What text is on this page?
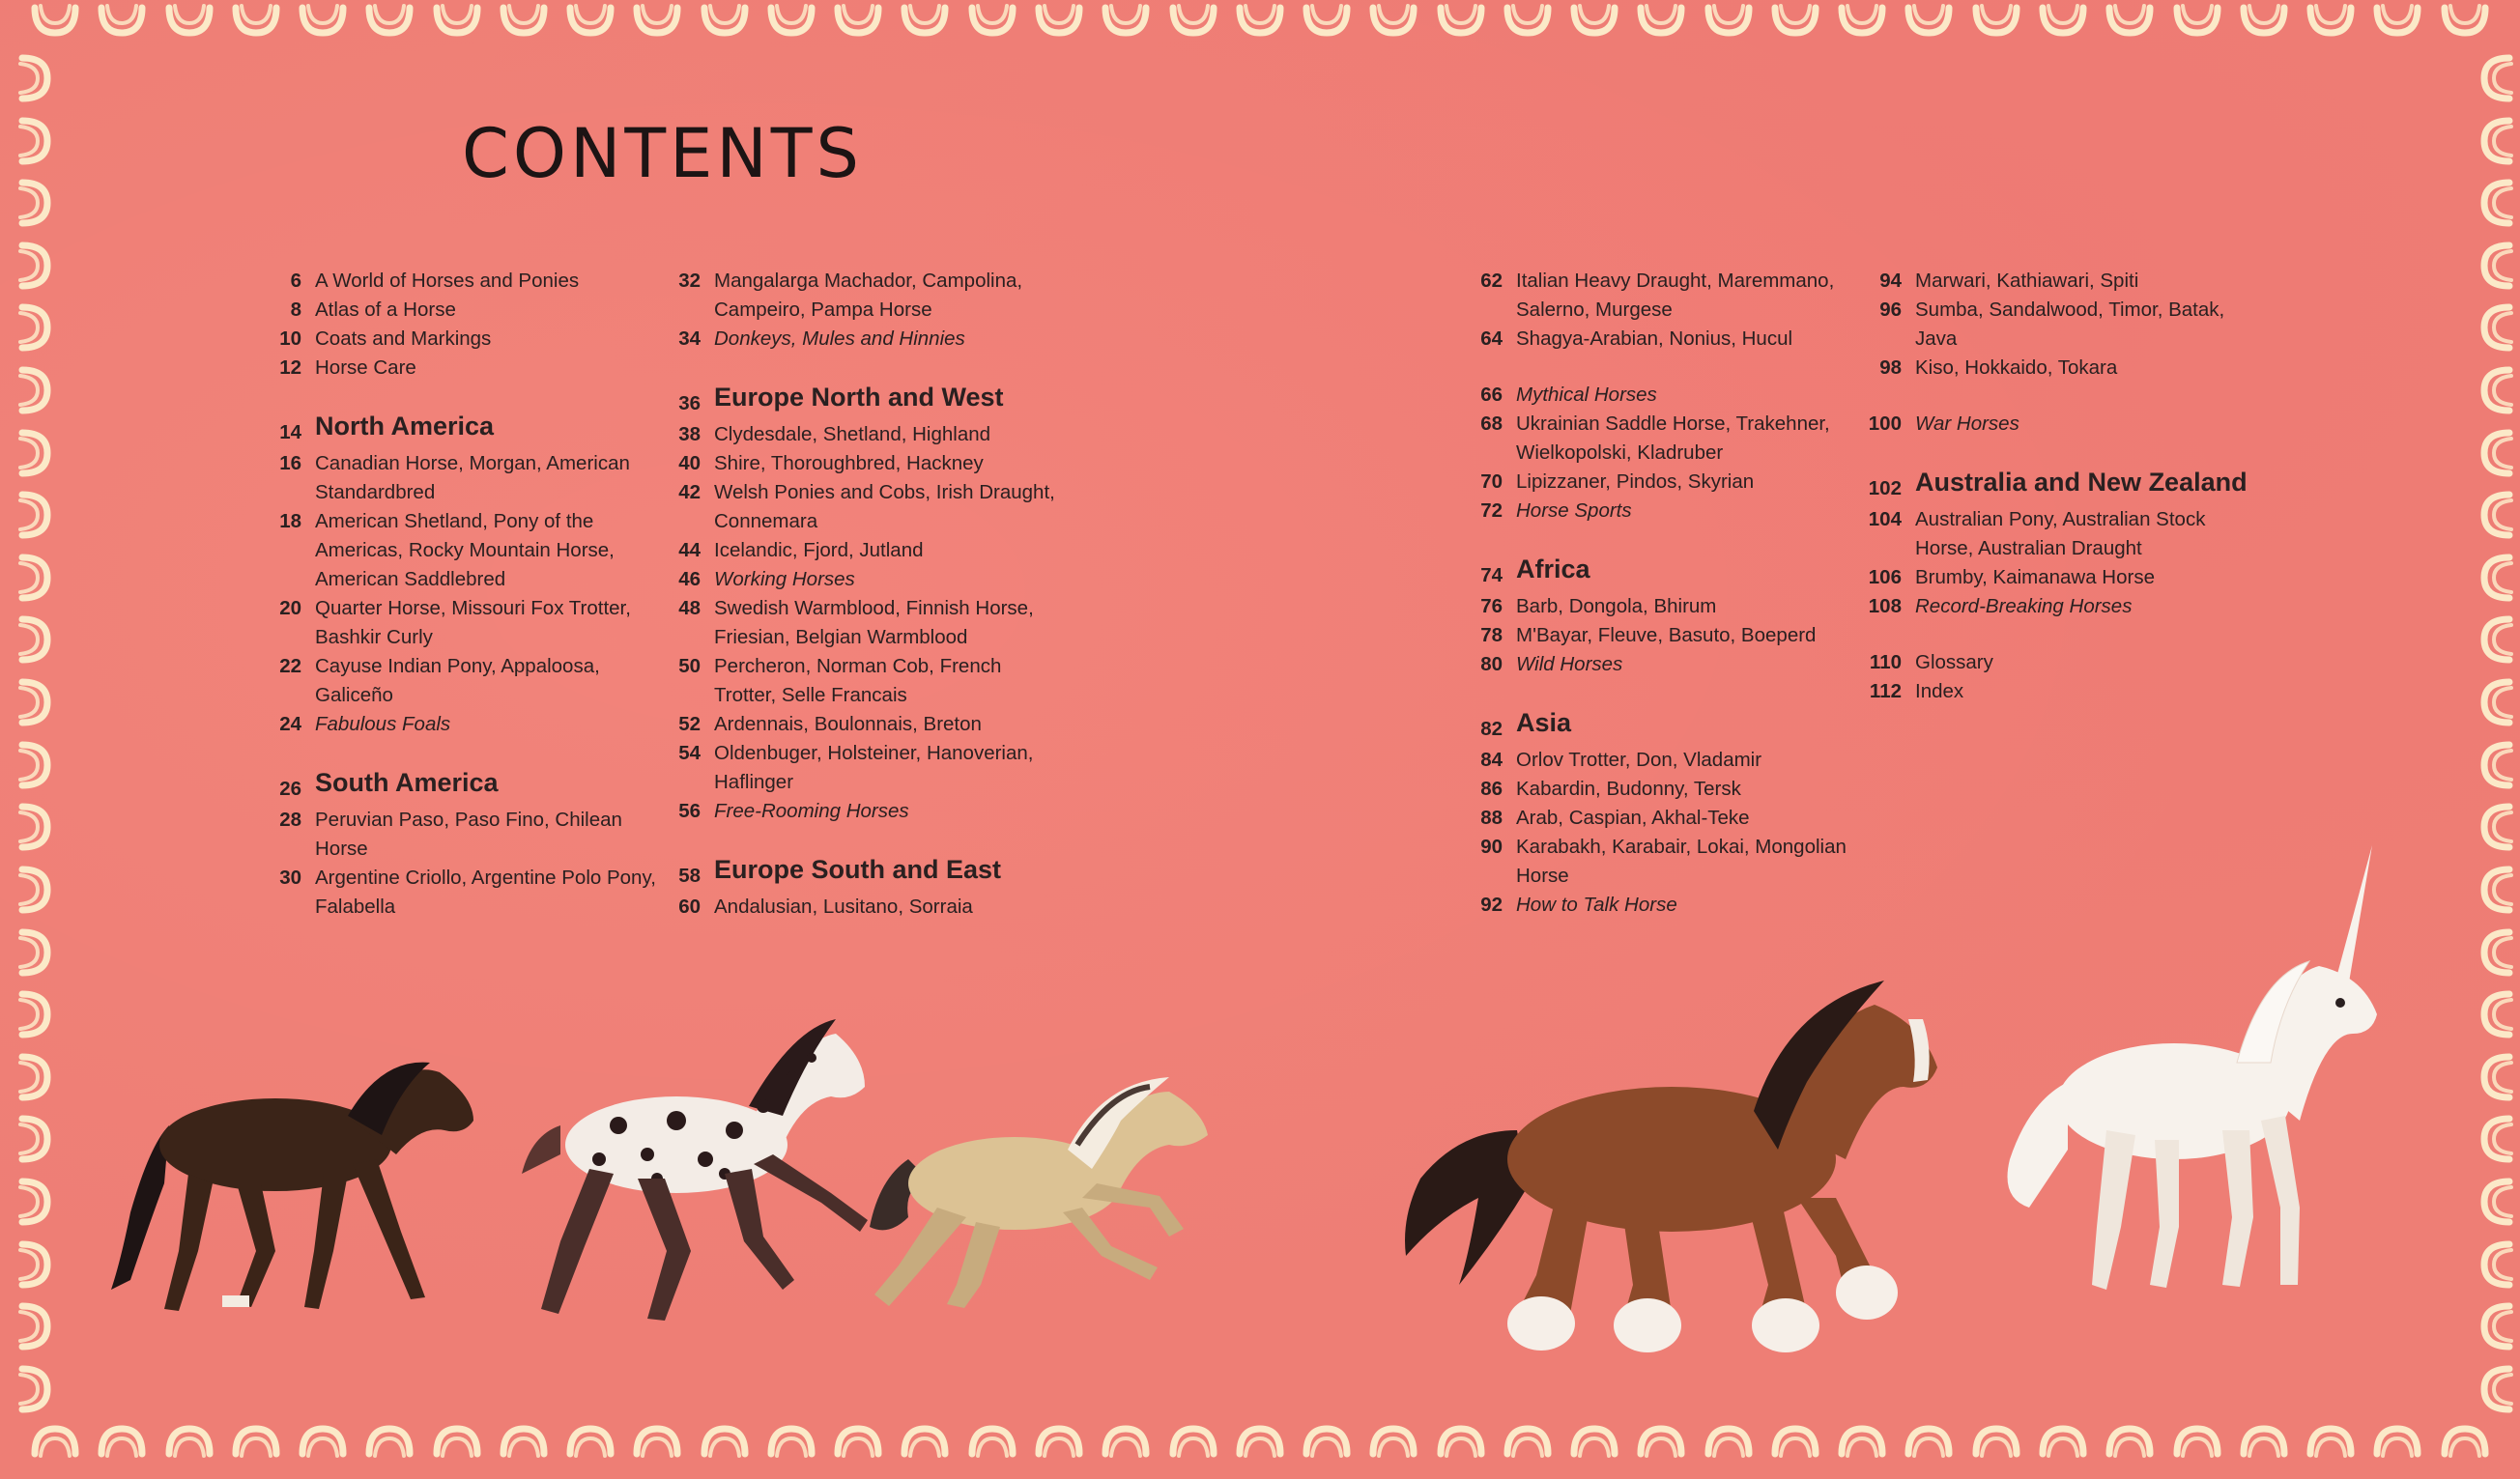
CONTENTS
6 A World of Horses and Ponies
8 Atlas of a Horse
10 Coats and Markings
12 Horse Care
14 North America
16 Canadian Horse, Morgan, American Standardbred
18 American Shetland, Pony of the Americas, Rocky Mountain Horse, American Saddlebred
20 Quarter Horse, Missouri Fox Trotter, Bashkir Curly
22 Cayuse Indian Pony, Appaloosa, Galiceño
24 Fabulous Foals
26 South America
28 Peruvian Paso, Paso Fino, Chilean Horse
30 Argentine Criollo, Argentine Polo Pony, Falabella
32 Mangalarga Machador, Campolina, Campeiro, Pampa Horse
34 Donkeys, Mules and Hinnies
36 Europe North and West
38 Clydesdale, Shetland, Highland
40 Shire, Thoroughbred, Hackney
42 Welsh Ponies and Cobs, Irish Draught, Connemara
44 Icelandic, Fjord, Jutland
46 Working Horses
48 Swedish Warmblood, Finnish Horse, Friesian, Belgian Warmblood
50 Percheron, Norman Cob, French Trotter, Selle Francais
52 Ardennais, Boulonnais, Breton
54 Oldenbuger, Holsteiner, Hanoverian, Haflinger
56 Free-Rooming Horses
58 Europe South and East
60 Andalusian, Lusitano, Sorraia
62 Italian Heavy Draught, Maremmano, Salerno, Murgese
64 Shagya-Arabian, Nonius, Hucul
66 Mythical Horses
68 Ukrainian Saddle Horse, Trakehner, Wielkopolski, Kladruber
70 Lipizzaner, Pindos, Skyrian
72 Horse Sports
74 Africa
76 Barb, Dongola, Bhirum
78 M'Bayar, Fleuve, Basuto, Boeperd
80 Wild Horses
82 Asia
84 Orlov Trotter, Don, Vladamir
86 Kabardin, Budonny, Tersk
88 Arab, Caspian, Akhal-Teke
90 Karabakh, Karabair, Lokai, Mongolian Horse
92 How to Talk Horse
94 Marwari, Kathiawari, Spiti
96 Sumba, Sandalwood, Timor, Batak, Java
98 Kiso, Hokkaido, Tokara
100 War Horses
102 Australia and New Zealand
104 Australian Pony, Australian Stock Horse, Australian Draught
106 Brumby, Kaimanawa Horse
108 Record-Breaking Horses
110 Glossary
112 Index
